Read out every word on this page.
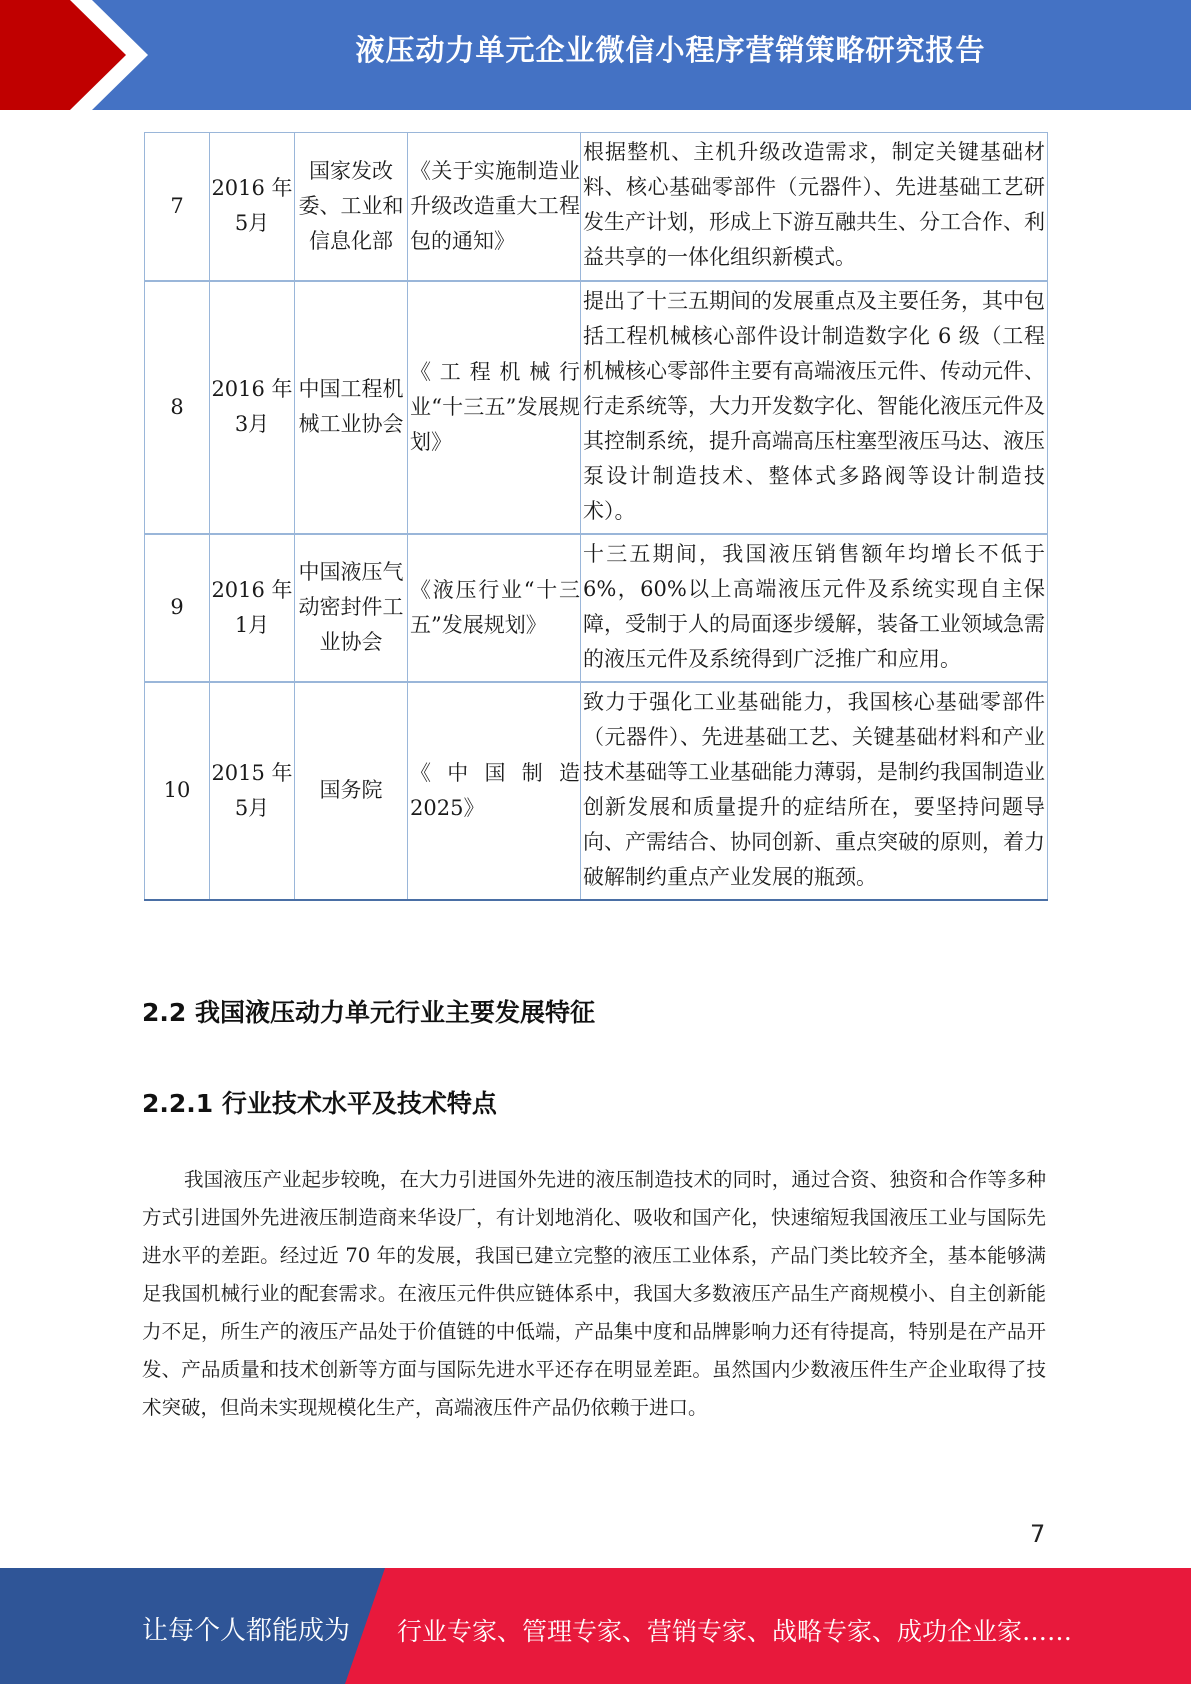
液压动力单元企业微信小程序营销策略研究报告
7	2016 年 5月	国家发改委、工业和信息化部	《关于实施制造业升级改造重大工程包的通知》	根据整机、主机升级改造需求，制定关键基础材料、核心基础零部件（元器件）、先进基础工艺研发生产计划，形成上下游互融共生、分工合作、利益共享的一体化组织新模式。

8	2016 年 3月	中国工程机械工业协会	《工程机械行业“十三五”发展规划》	提出了十三五期间的发展重点及主要任务，其中包括工程机械核心部件设计制造数字化 6 级（工程机械核心零部件主要有高端液压元件、传动元件、行走系统等，大力开发数字化、智能化液压元件及其控制系统，提升高端高压柱塞型液压马达、液压泵设计制造技术、整体式多路阀等设计制造技术）。

9	2016 年 1月	中国液压气动密封件工业协会	《液压行业“十三五”发展规划》	十三五期间，我国液压销售额年均增长不低于6%，60%以上高端液压元件及系统实现自主保障，受制于人的局面逐步缓解，装备工业领域急需的液压元件及系统得到广泛推广和应用。

10	2015 年 5月	国务院	《 中 国 制 造 2025》	致力于强化工业基础能力，我国核心基础零部件（元器件）、先进基础工艺、关键基础材料和产业技术基础等工业基础能力薄弱，是制约我国制造业创新发展和质量提升的症结所在，要坚持问题导向、产需结合、协同创新、重点突破的原则，着力破解制约重点产业发展的瓶颈。
2.2 我国液压动力单元行业主要发展特征
2.2.1 行业技术水平及技术特点

我国液压产业起步较晚，在大力引进国外先进的液压制造技术的同时，通过合资、独资和合作等多种方式引进国外先进液压制造商来华设厂，有计划地消化、吸收和国产化，快速缩短我国液压工业与国际先进水平的差距。经过近 70 年的发展，我国已建立完整的液压工业体系，产品门类比较齐全，基本能够满足我国机械行业的配套需求。在液压元件供应链体系中，我国大多数液压产品生产商规模小、自主创新能力不足，所生产的液压产品处于价值链的中低端，产品集中度和品牌影响力还有待提高，特别是在产品开发、产品质量和技术创新等方面与国际先进水平还存在明显差距。虽然国内少数液压件生产企业取得了技术突破，但尚未实现规模化生产，高端液压件产品仍依赖于进口。

7
让每个人都能成为 行业专家、管理专家、营销专家、战略专家、成功企业家……
